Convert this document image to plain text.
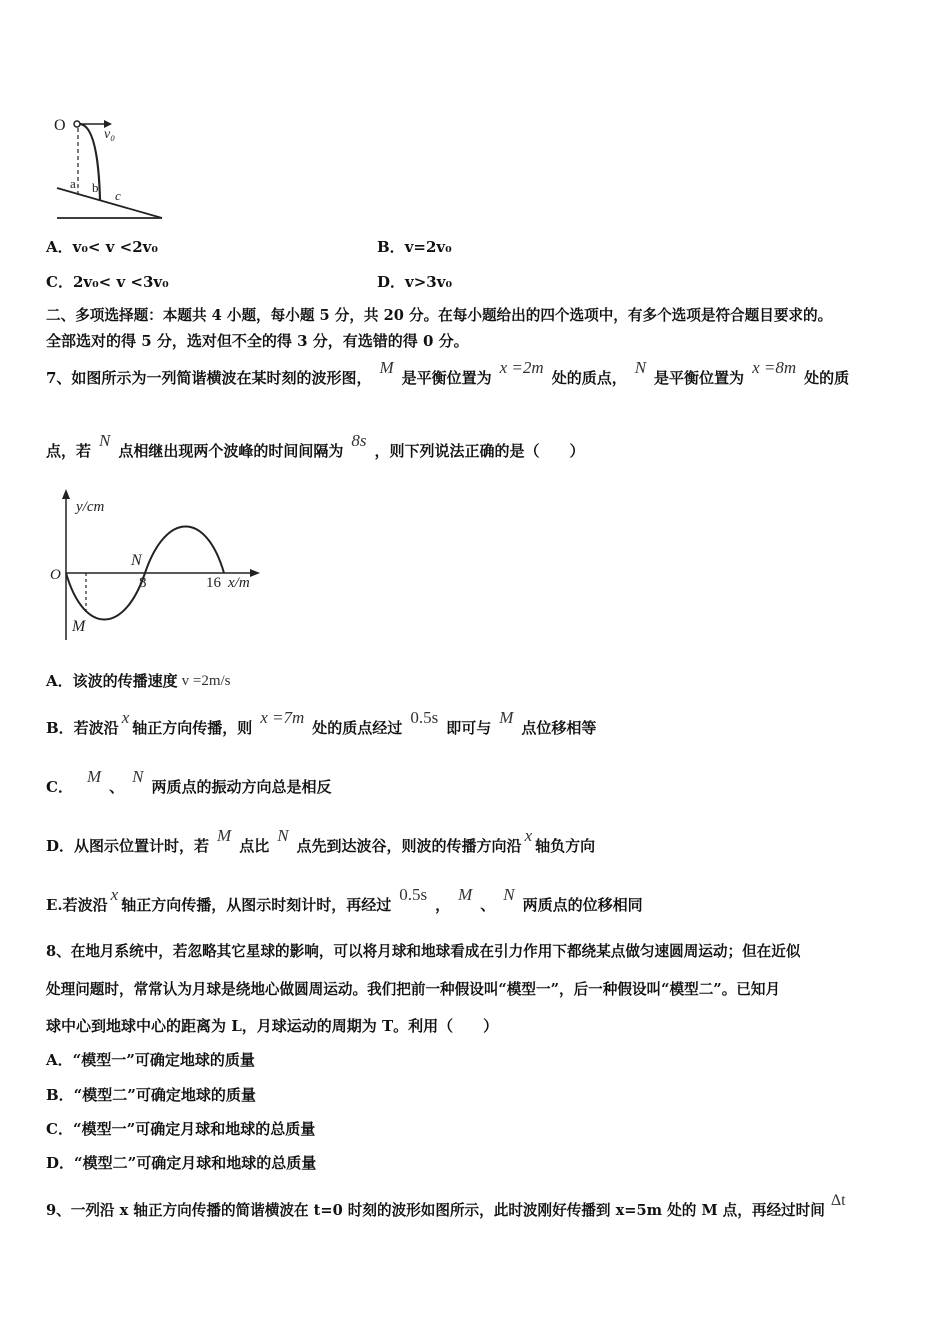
O
v₀
a b
c
A．v₀< v <2v₀	B．v=2v₀
C．2v₀< v <3v₀	D．v>3v₀
二、多项选择题：本题共 4 小题，每小题 5 分，共 20 分。在每小题给出的四个选项中，有多个选项是符合题目要求的。
全部选对的得 5 分，选对但不全的得 3 分，有选错的得 0 分。
7、如图所示为一列简谐横波在某时刻的波形图，M是平衡位置为x =2m处的质点，N是平衡位置为x =8m处的质
点，若N点相继出现两个波峰的时间间隔为8s，则下列说法正确的是（　　）
y/cm
O	8	16 x/m
N
M
A．该波的传播速度 v =2m/s
B．若波沿x轴正方向传播，则x =7m处的质点经过0.5s即可与M点位移相等
C．M、N两质点的振动方向总是相反
D．从图示位置计时，若M点比N点先到达波谷，则波的传播方向沿x轴负方向
E.若波沿x轴正方向传播，从图示时刻计时，再经过0.5s，M、N两质点的位移相同
8、在地月系统中，若忽略其它星球的影响，可以将月球和地球看成在引力作用下都绕某点做匀速圆周运动；但在近似
处理问题时，常常认为月球是绕地心做圆周运动。我们把前一种假设叫“模型一”，后一种假设叫“模型二”。已知月
球中心到地球中心的距离为 L，月球运动的周期为 T。利用（　　）
A．“模型一”可确定地球的质量
B．“模型二”可确定地球的质量
C．“模型一”可确定月球和地球的总质量
D．“模型二”可确定月球和地球的总质量
9、一列沿 x 轴正方向传播的简谐横波在 t=0 时刻的波形如图所示，此时波刚好传播到 x=5m 处的 M 点，再经过时间Δt
